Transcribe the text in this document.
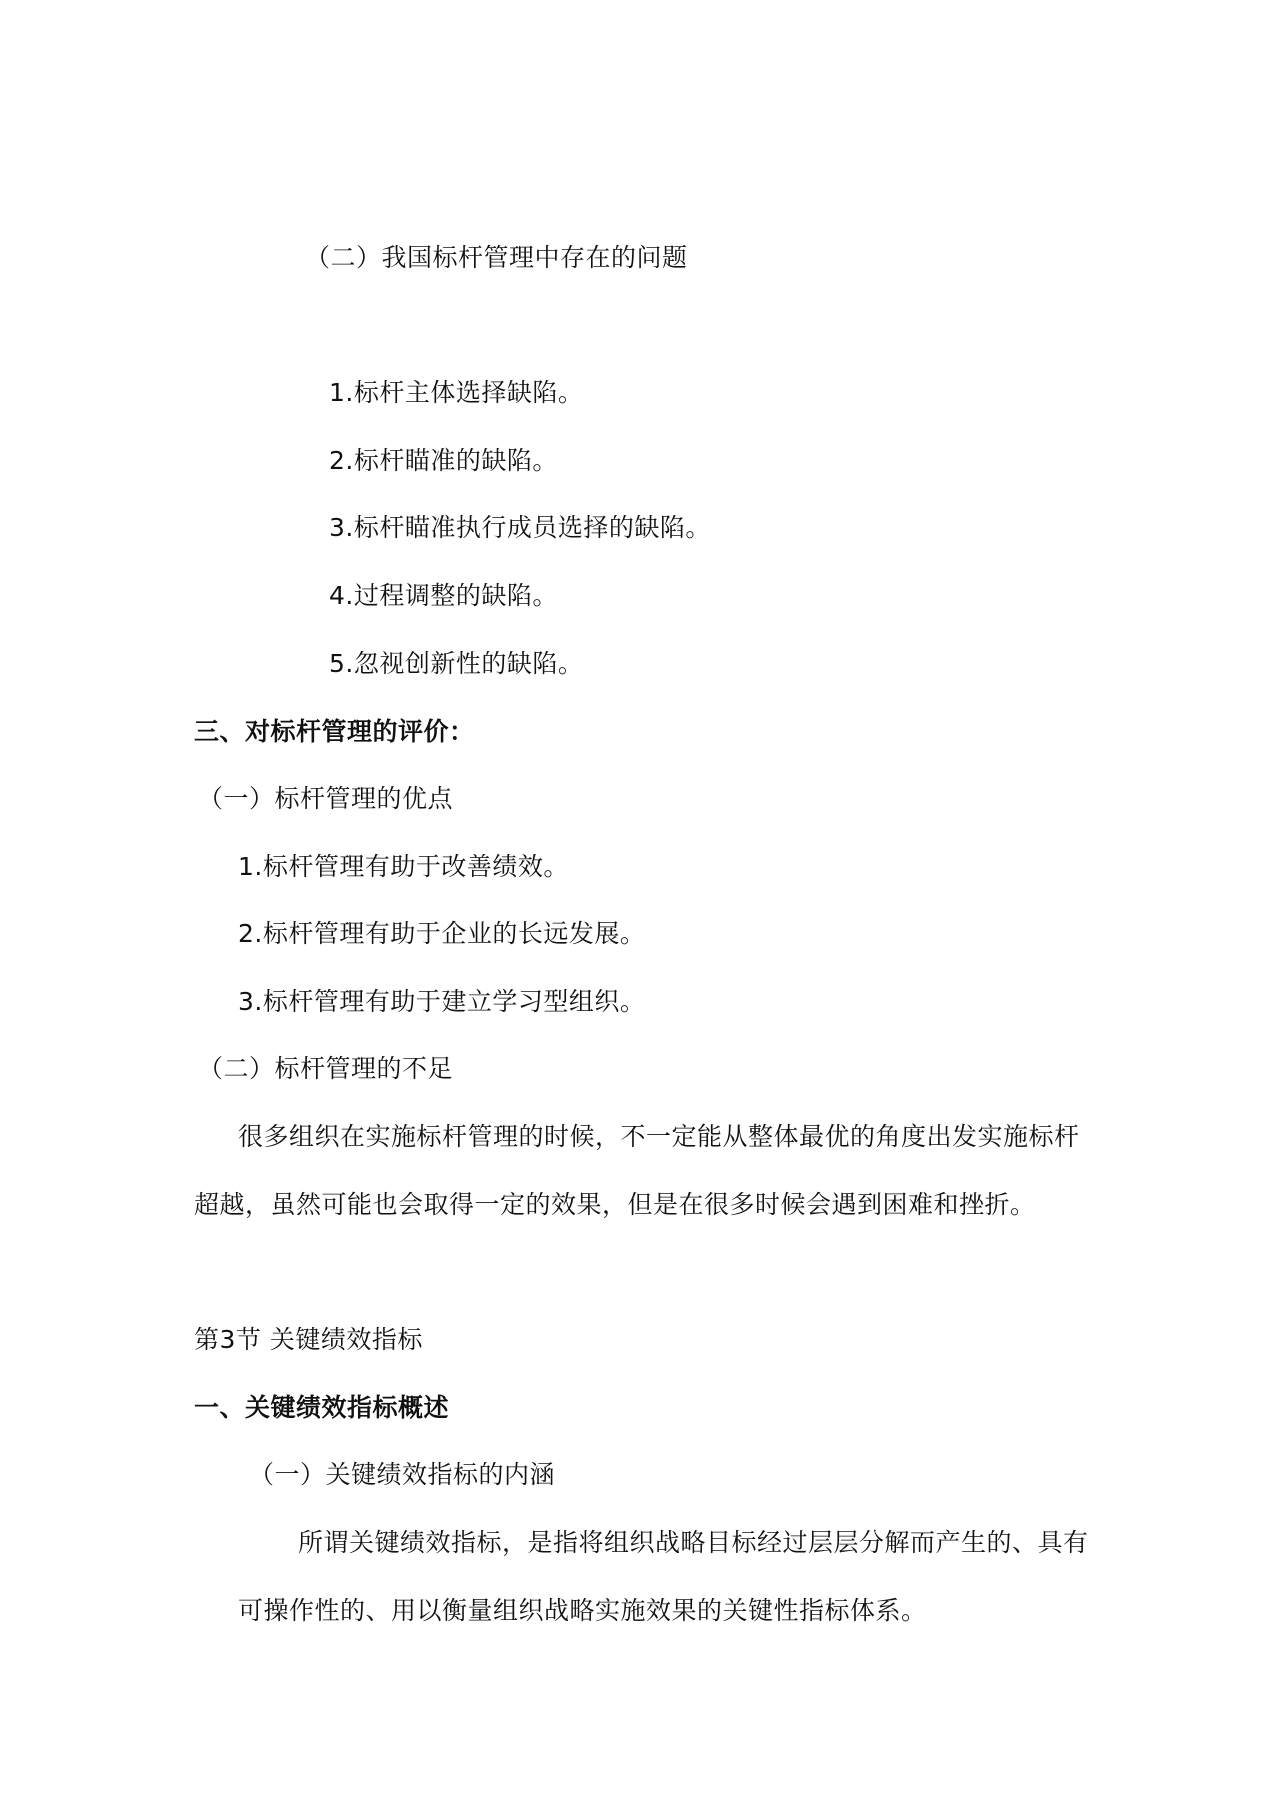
（二）我国标杆管理中存在的问题
1.标杆主体选择缺陷。
2.标杆瞄准的缺陷。
3.标杆瞄准执行成员选择的缺陷。
4.过程调整的缺陷。
5.忽视创新性的缺陷。
三、对标杆管理的评价：
（一）标杆管理的优点
1.标杆管理有助于改善绩效。
2.标杆管理有助于企业的长远发展。
3.标杆管理有助于建立学习型组织。
（二）标杆管理的不足
很多组织在实施标杆管理的时候，不一定能从整体最优的角度出发实施标杆
超越，虽然可能也会取得一定的效果，但是在很多时候会遇到困难和挫折。
第3节 关键绩效指标
一、关键绩效指标概述
（一）关键绩效指标的内涵
所谓关键绩效指标，是指将组织战略目标经过层层分解而产生的、具有
可操作性的、用以衡量组织战略实施效果的关键性指标体系。
